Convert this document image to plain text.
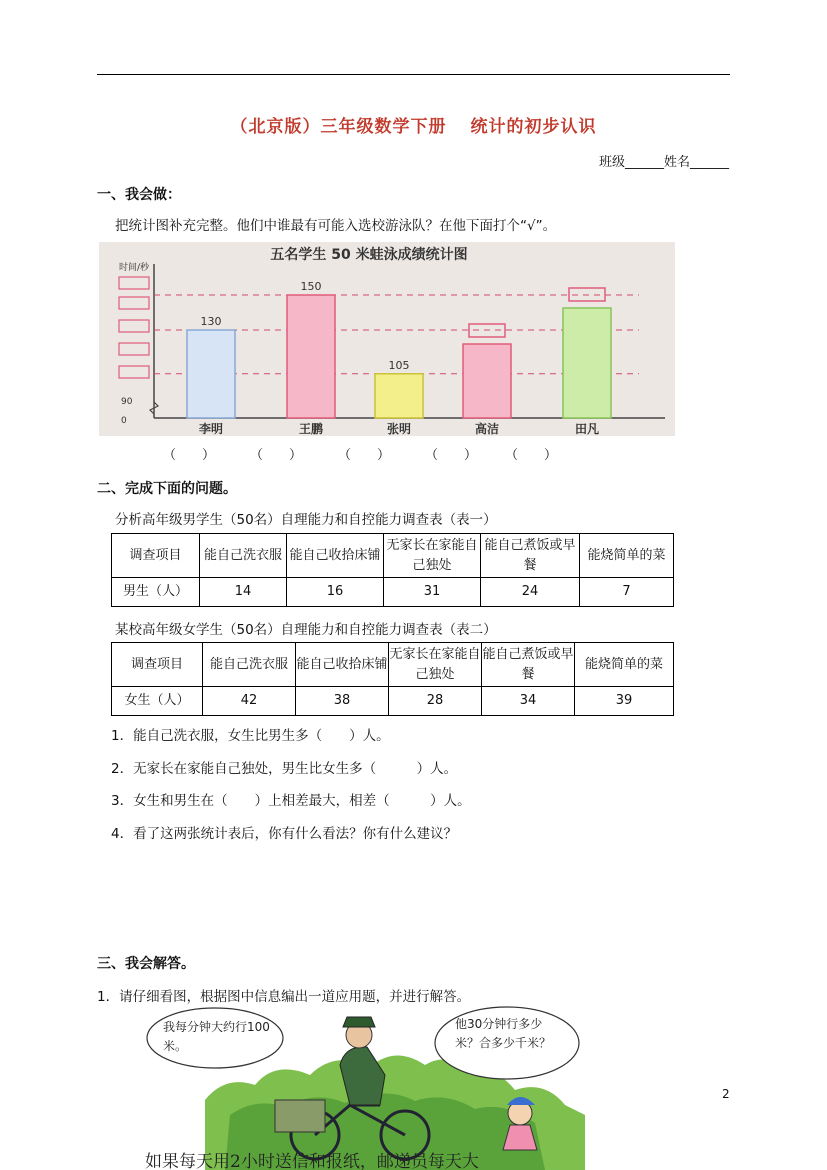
（北京版）三年级数学下册 统计的初步认识
班级______姓名______
一、我会做：
把统计图补充完整。他们中谁最有可能入选校游泳队？在他下面打个“√”。
五名学生 50 米蛙泳成绩统计图
时间/秒
90
0
130
李明
150
王鹏
105
张明	高洁	田凡
（　　）	（　　）	（　　）	（　　） （　　）
二、完成下面的问题。
分析高年级男学生（50名）自理能力和自控能力调查表（表一）
调查项目	能自己洗衣服	能自己收拾床铺	无家长在家能自己独处	能自己煮饭或早餐	能烧简单的菜
男生（人）	14	16	31	24	7
某校高年级女学生（50名）自理能力和自控能力调查表（表二）
调查项目	能自己洗衣服	能自己收拾床铺	无家长在家能自己独处	能自己煮饭或早餐	能烧简单的菜
女生（人）	42	38	28	34	39
1．能自己洗衣服，女生比男生多（　　）人。
2．无家长在家能自己独处，男生比女生多（　　　）人。
3．女生和男生在（　　）上相差最大，相差（　　　）人。
4．看了这两张统计表后，你有什么看法？你有什么建议？
三、我会解答。
1．请仔细看图，根据图中信息编出一道应用题，并进行解答。
我每分钟大约行100米。
他30分钟行多少米？合多少千米？
如果每天用2小时送信和报纸，邮递员每天大
2
